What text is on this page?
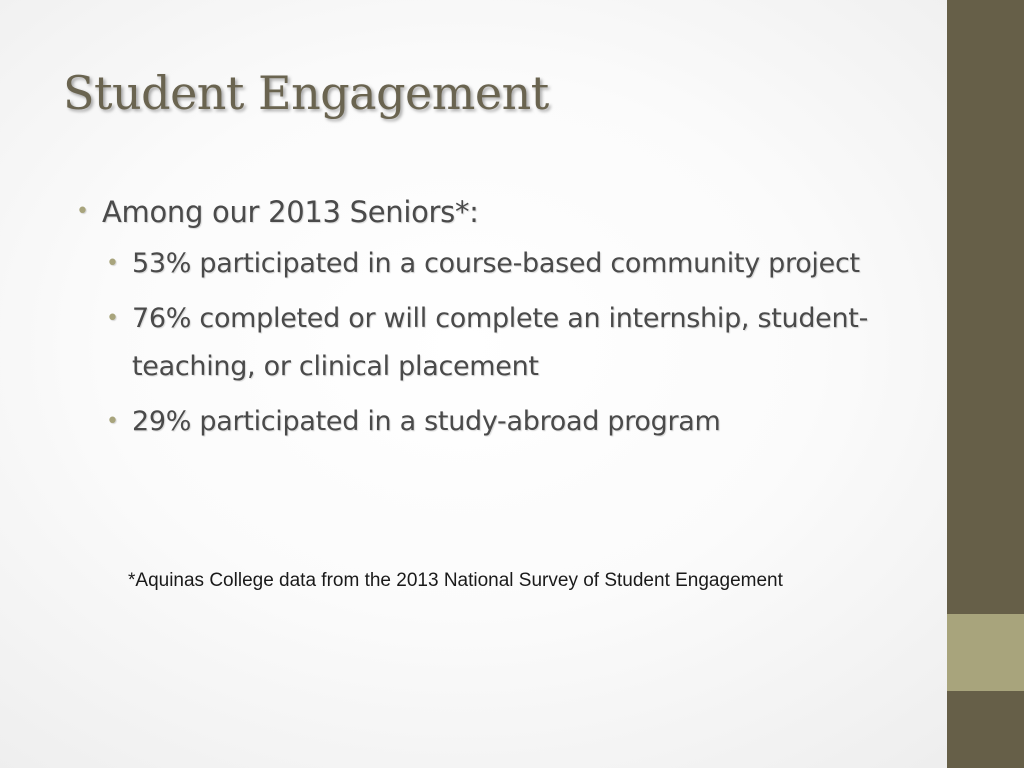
Student Engagement
• Among our 2013 Seniors*:
• 53% participated in a course-based community project
• 76% completed or will complete an internship, student-teaching, or clinical placement
• 29% participated in a study-abroad program
*Aquinas College data from the 2013 National Survey of Student Engagement
